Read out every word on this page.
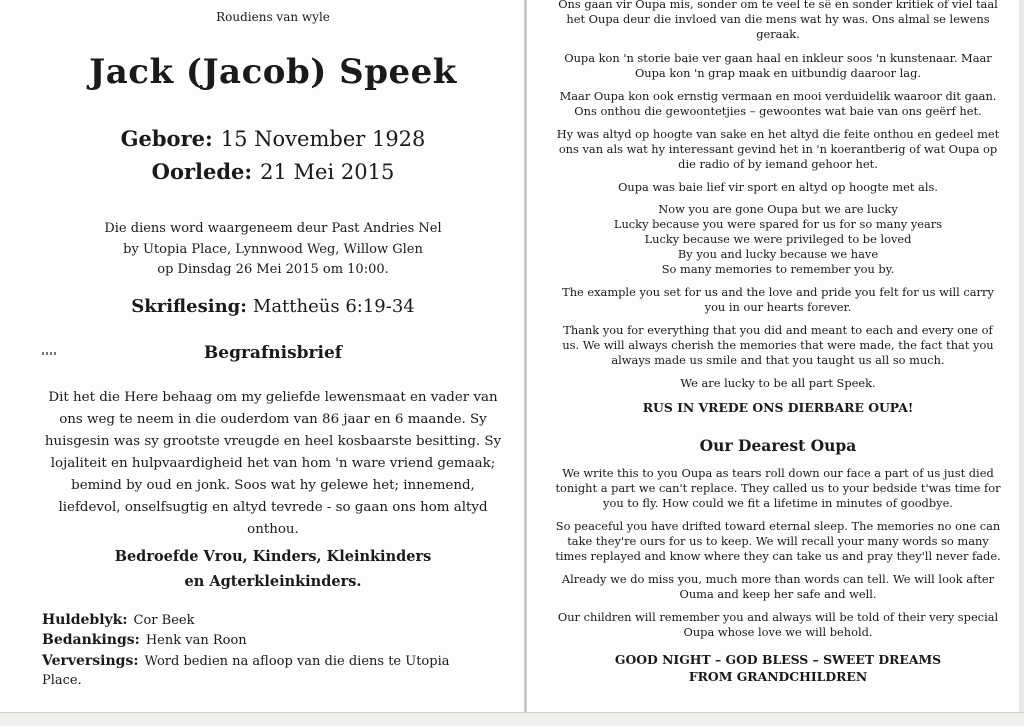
Roudiens van wyle
Jack (Jacob) Speek
Gebore: 15 November 1928
Oorlede: 21 Mei 2015
Die diens word waargeneem deur Past Andries Nel
by Utopia Place, Lynnwood Weg, Willow Glen
op Dinsdag 26 Mei 2015 om 10:00.
Skriflesing: Mattheüs 6:19-34
Begrafnisbrief
Dit het die Here behaag om my geliefde lewensmaat en vader van
ons weg te neem in die ouderdom van 86 jaar en 6 maande. Sy
huisgesin was sy grootste vreugde en heel kosbaarste besitting. Sy
lojaliteit en hulpvaardigheid het van hom 'n ware vriend gemaak;
bemind by oud en jonk. Soos wat hy gelewe het; innemend,
liefdevol, onselfsugtig en altyd tevrede - so gaan ons hom altyd
onthou.
Bedroefde Vrou, Kinders, Kleinkinders
en Agterkleinkinders.
Huldeblyk: Cor Beek
Bedankings: Henk van Roon
Verversings: Word bedien na afloop van die diens te Utopia
Place.
Ons gaan vir Oupa mis, sonder om te veel te sê en sonder kritiek of viel taal
het Oupa deur die invloed van die mens wat hy was. Ons almal se lewens
geraak.
Oupa kon 'n storie baie ver gaan haal en inkleur soos 'n kunstenaar. Maar
Oupa kon 'n grap maak en uitbundig daaroor lag.
Maar Oupa kon ook ernstig vermaan en mooi verduidelik waaroor dit gaan.
Ons onthou die gewoontetjies – gewoontes wat baie van ons geërf het.
Hy was altyd op hoogte van sake en het altyd die feite onthou en gedeel met
ons van als wat hy interessant gevind het in 'n koerantberig of wat Oupa op
die radio of by iemand gehoor het.
Oupa was baie lief vir sport en altyd op hoogte met als.
Now you are gone Oupa but we are lucky
Lucky because you were spared for us for so many years
Lucky because we were privileged to be loved
By you and lucky because we have
So many memories to remember you by.
The example you set for us and the love and pride you felt for us will carry
you in our hearts forever.
Thank you for everything that you did and meant to each and every one of
us. We will always cherish the memories that were made, the fact that you
always made us smile and that you taught us all so much.
We are lucky to be all part Speek.
RUS IN VREDE ONS DIERBARE OUPA!
Our Dearest Oupa
We write this to you Oupa as tears roll down our face a part of us just died
tonight a part we can't replace. They called us to your bedside t'was time for
you to fly. How could we fit a lifetime in minutes of goodbye.
So peaceful you have drifted toward eternal sleep. The memories no one can
take they're ours for us to keep. We will recall your many words so many
times replayed and know where they can take us and pray they'll never fade.
Already we do miss you, much more than words can tell. We will look after
Ouma and keep her safe and well.
Our children will remember you and always will be told of their very special
Oupa whose love we will behold.
GOOD NIGHT – GOD BLESS – SWEET DREAMS
FROM GRANDCHILDREN
